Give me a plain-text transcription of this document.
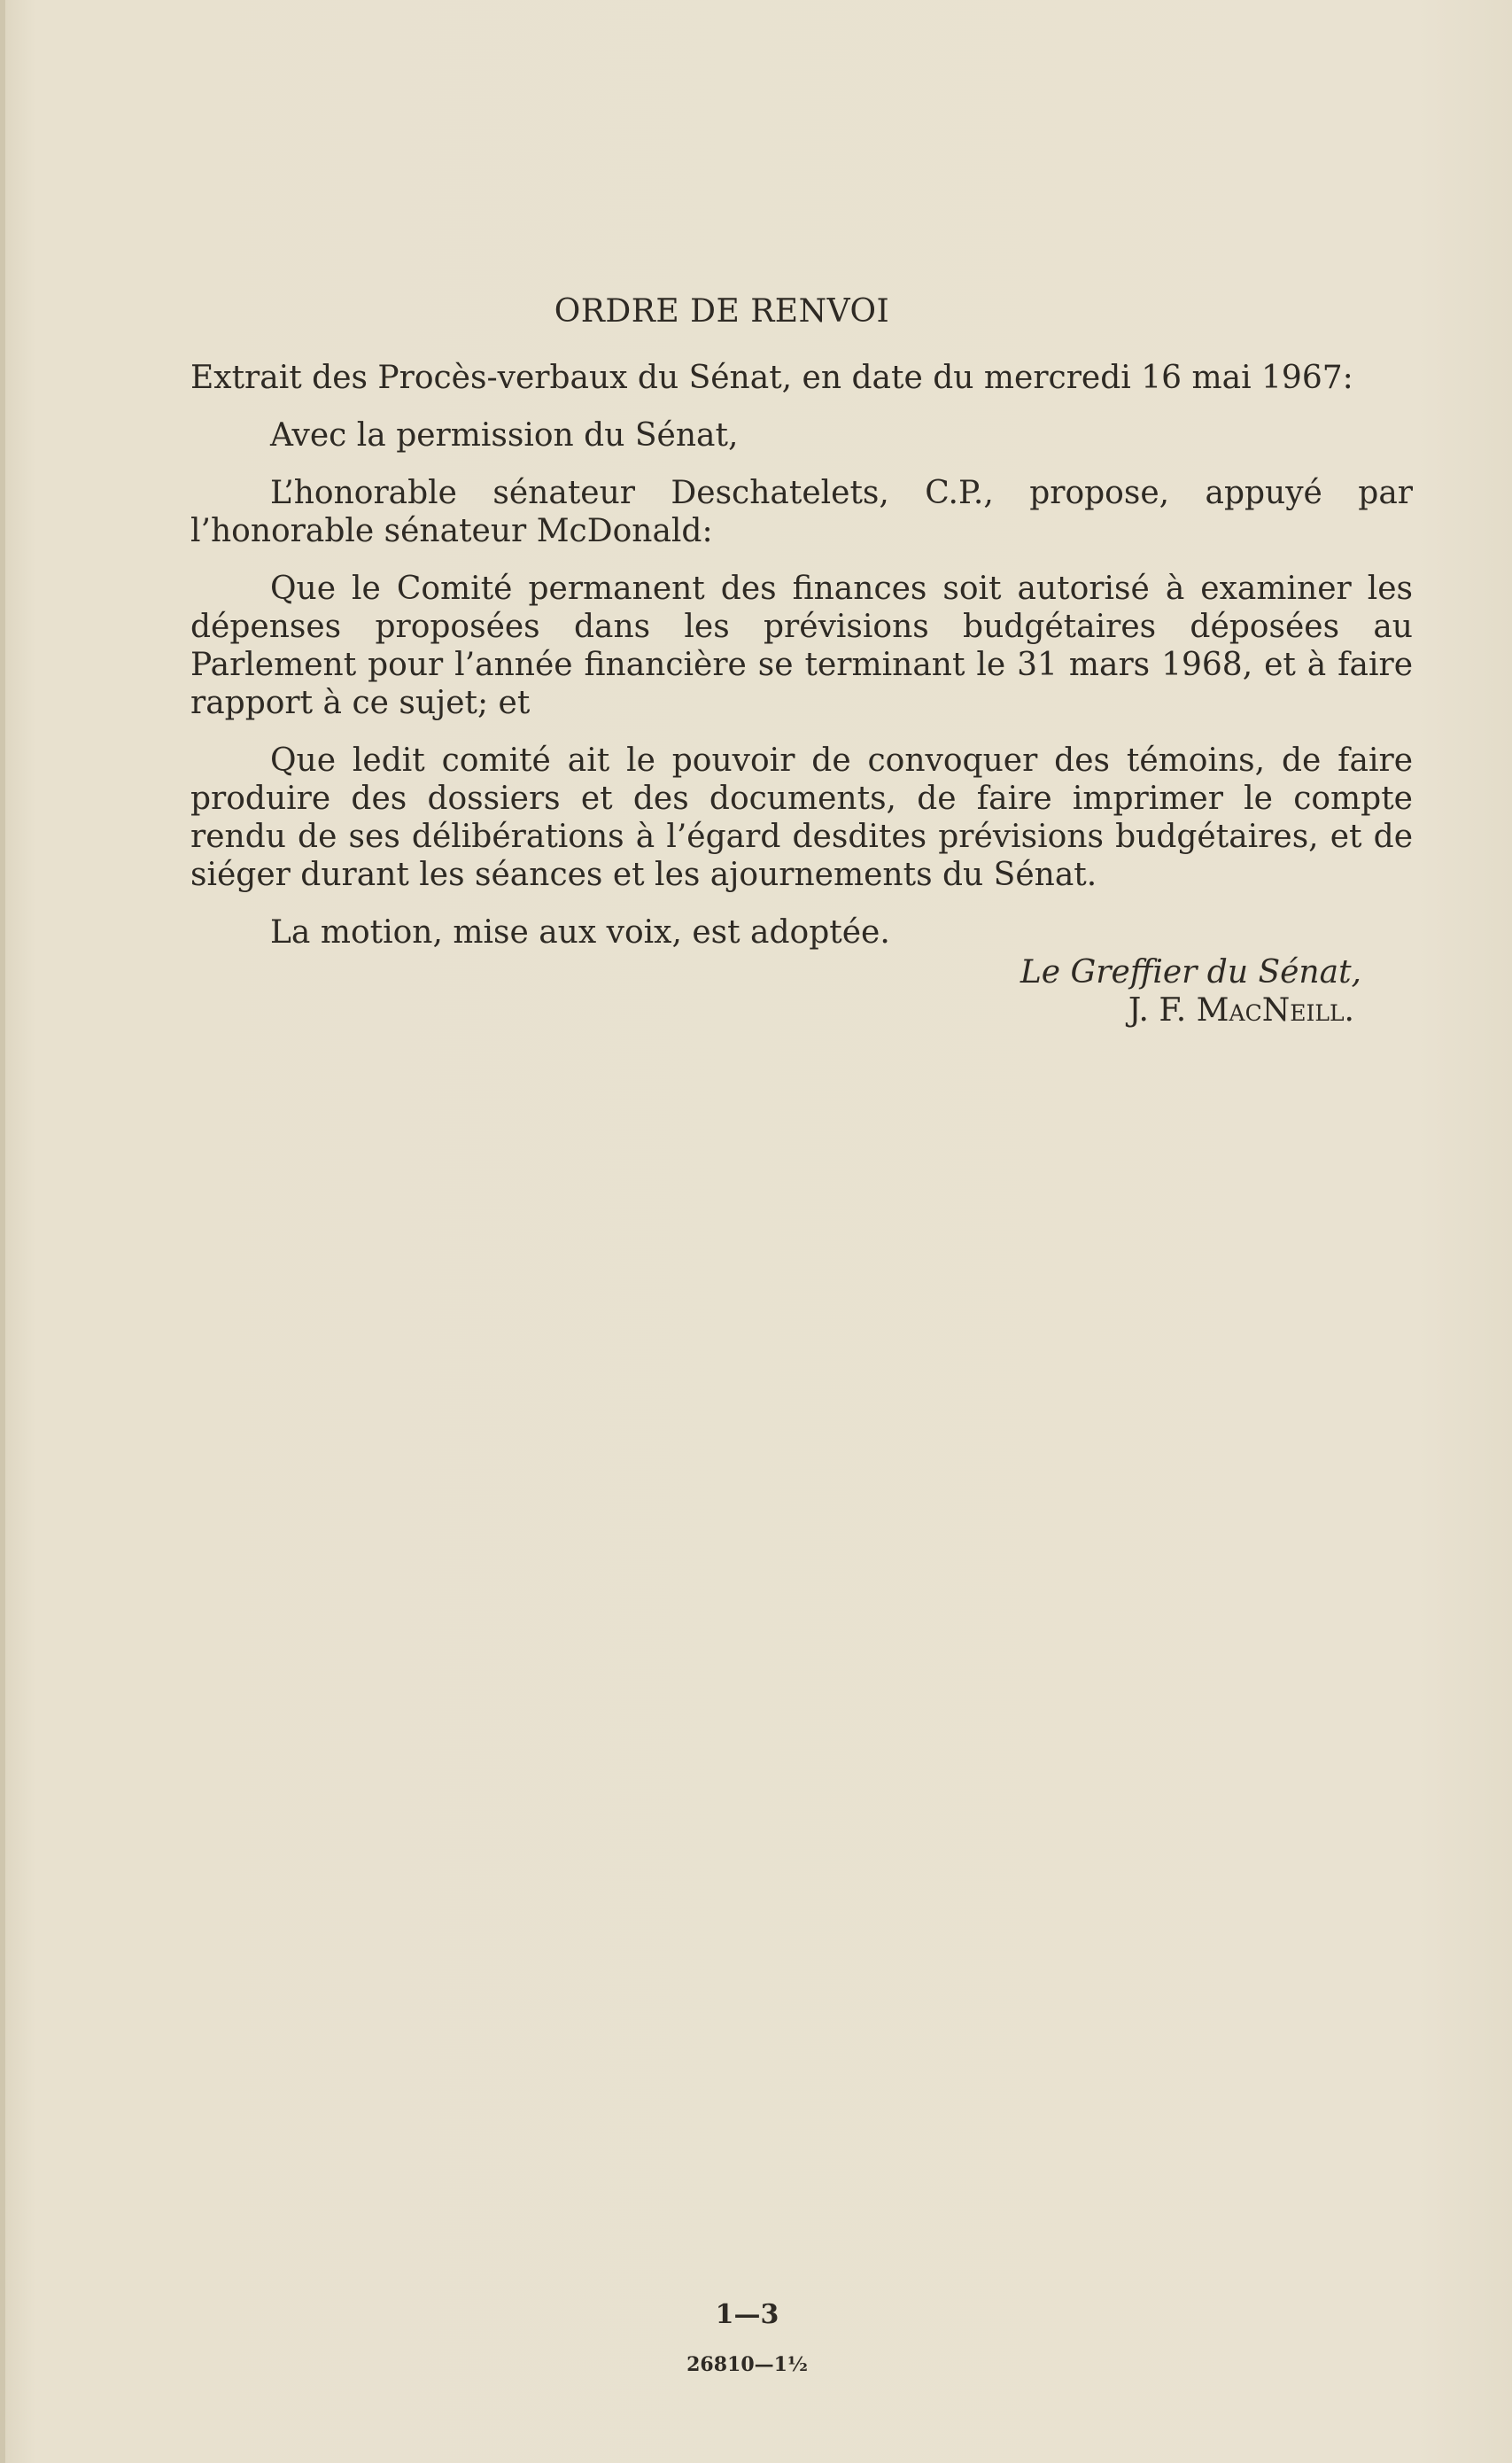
ORDRE DE RENVOI
Extrait des Procès-verbaux du Sénat, en date du mercredi 16 mai 1967:
Avec la permission du Sénat,
L’honorable sénateur Deschatelets, C.P., propose, appuyé par l’honorable sénateur McDonald:
Que le Comité permanent des finances soit autorisé à examiner les dépenses proposées dans les prévisions budgétaires déposées au Parlement pour l’année financière se terminant le 31 mars 1968, et à faire rapport à ce sujet; et
Que ledit comité ait le pouvoir de convoquer des témoins, de faire produire des dossiers et des documents, de faire imprimer le compte rendu de ses délibérations à l’égard desdites prévisions budgétaires, et de siéger durant les séances et les ajournements du Sénat.
La motion, mise aux voix, est adoptée.
Le Greffier du Sénat,
J. F. MacNeill.
1—3
26810—1½
